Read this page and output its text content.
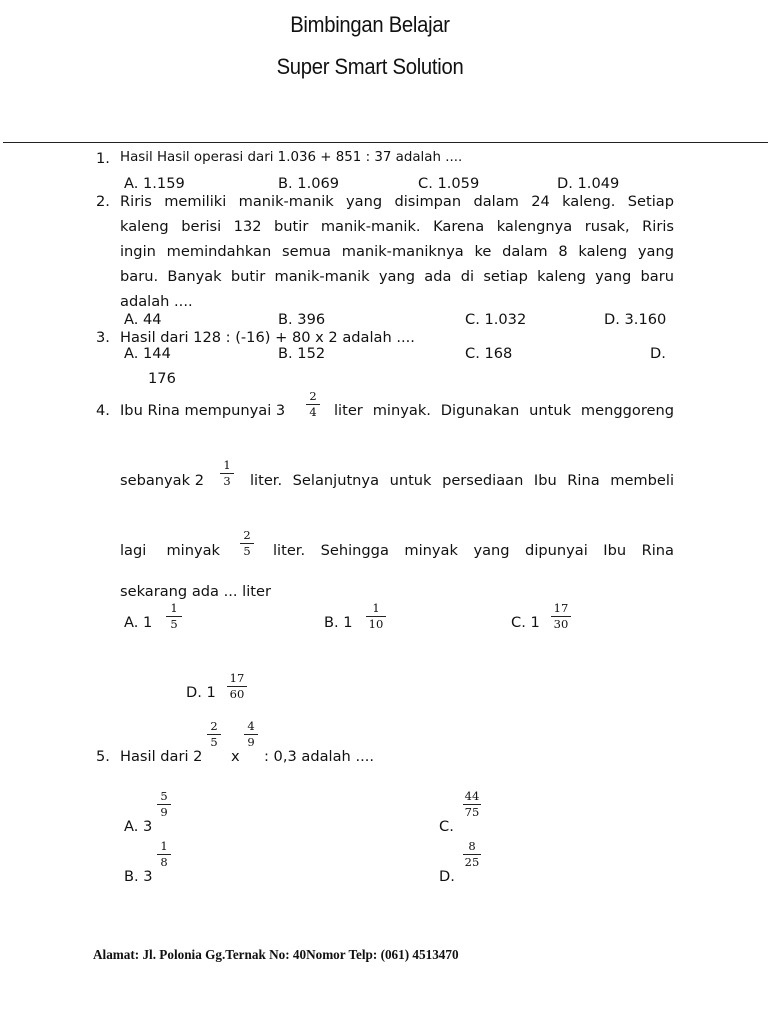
Bimbingan Belajar
Super Smart Solution
1. Hasil Hasil operasi dari 1.036 + 851 : 37 adalah ....
A. 1.159	B. 1.069	C. 1.059	D. 1.049
2. Riris memiliki manik-manik yang disimpan dalam 24 kaleng. Setiap
kaleng berisi 132 butir manik-manik. Karena kalengnya rusak, Riris
ingin memindahkan semua manik-maniknya ke dalam 8 kaleng yang
baru. Banyak butir manik-manik yang ada di setiap kaleng yang baru
adalah ....
A. 44	B. 396	C. 1.032	D. 3.160
3. Hasil dari 128 : (-16) + 80 x 2 adalah ....
A. 144	B. 152	C. 168	D.
176
4. Ibu Rina mempunyai 3
2
4 liter minyak. Digunakan untuk menggoreng
sebanyak 2
1
3 liter. Selanjutnya untuk persediaan Ibu Rina membeli
lagi minyak
2
5 liter. Sehingga minyak yang dipunyai Ibu Rina
sekarang ada ... liter
A. 1
1
5	B. 1
1
10	C. 1
17
30
D. 1
17
60
5. Hasil dari 2
2
5
x
4
9
: 0,3 adalah ....
5
9
A. 3
44
75
C.
1
8
B. 3
8
25
D.
Alamat: Jl. Polonia Gg.Ternak No: 40Nomor Telp: (061) 4513470
